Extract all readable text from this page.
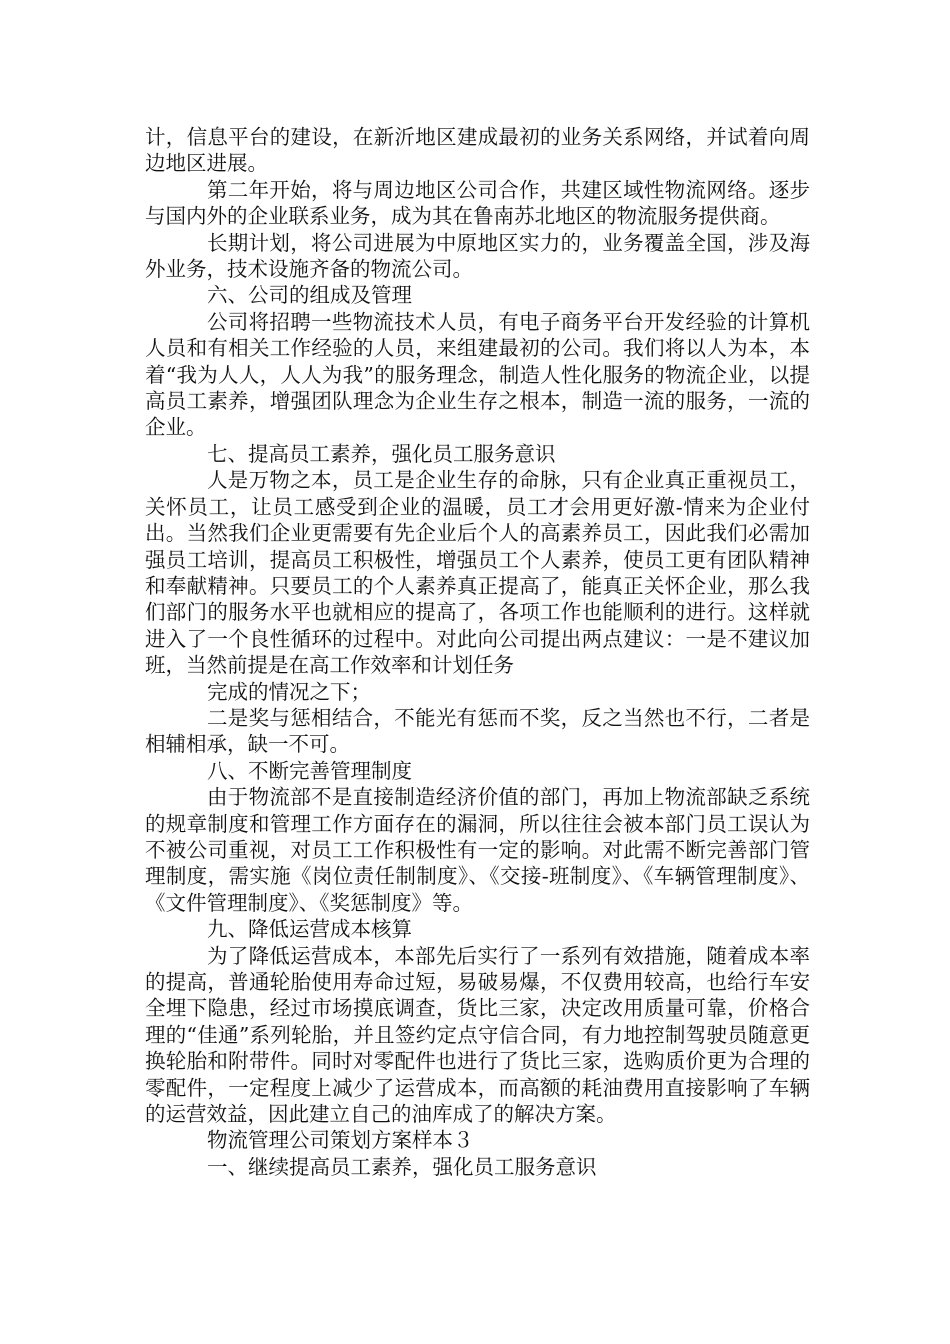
计，信息平台的建设，在新沂地区建成最初的业务关系网络，并试着向周边地区进展。

第二年开始，将与周边地区公司合作，共建区域性物流网络。逐步与国内外的企业联系业务，成为其在鲁南苏北地区的物流服务提供商。

长期计划，将公司进展为中原地区实力的，业务覆盖全国，涉及海外业务，技术设施齐备的物流公司。

六、公司的组成及管理

公司将招聘一些物流技术人员，有电子商务平台开发经验的计算机人员和有相关工作经验的人员，来组建最初的公司。我们将以人为本，本着“我为人人，人人为我”的服务理念，制造人性化服务的物流企业，以提高员工素养，增强团队理念为企业生存之根本，制造一流的服务，一流的企业。

七、提高员工素养，强化员工服务意识

人是万物之本，员工是企业生存的命脉，只有企业真正重视员工，关怀员工，让员工感受到企业的温暖，员工才会用更好激-情来为企业付出。当然我们企业更需要有先企业后个人的高素养员工，因此我们必需加强员工培训，提高员工积极性，增强员工个人素养，使员工更有团队精神和奉献精神。只要员工的个人素养真正提高了，能真正关怀企业，那么我们部门的服务水平也就相应的提高了，各项工作也能顺利的进行。这样就进入了一个良性循环的过程中。对此向公司提出两点建议：一是不建议加班，当然前提是在高工作效率和计划任务

完成的情况之下；

二是奖与惩相结合，不能光有惩而不奖，反之当然也不行，二者是相辅相承，缺一不可。

八、不断完善管理制度

由于物流部不是直接制造经济价值的部门，再加上物流部缺乏系统的规章制度和管理工作方面存在的漏洞，所以往往会被本部门员工误认为不被公司重视，对员工工作积极性有一定的影响。对此需不断完善部门管理制度，需实施《岗位责任制制度》、《交接-班制度》、《车辆管理制度》、《文件管理制度》、《奖惩制度》等。

九、降低运营成本核算

为了降低运营成本，本部先后实行了一系列有效措施，随着成本率的提高，普通轮胎使用寿命过短，易破易爆，不仅费用较高，也给行车安全埋下隐患，经过市场摸底调查，货比三家，决定改用质量可靠，价格合理的“佳通”系列轮胎，并且签约定点守信合同，有力地控制驾驶员随意更换轮胎和附带件。同时对零配件也进行了货比三家，选购质价更为合理的零配件，一定程度上减少了运营成本，而高额的耗油费用直接影响了车辆的运营效益，因此建立自己的油库成了的解决方案。

物流管理公司策划方案样本３

一、继续提高员工素养，强化员工服务意识
